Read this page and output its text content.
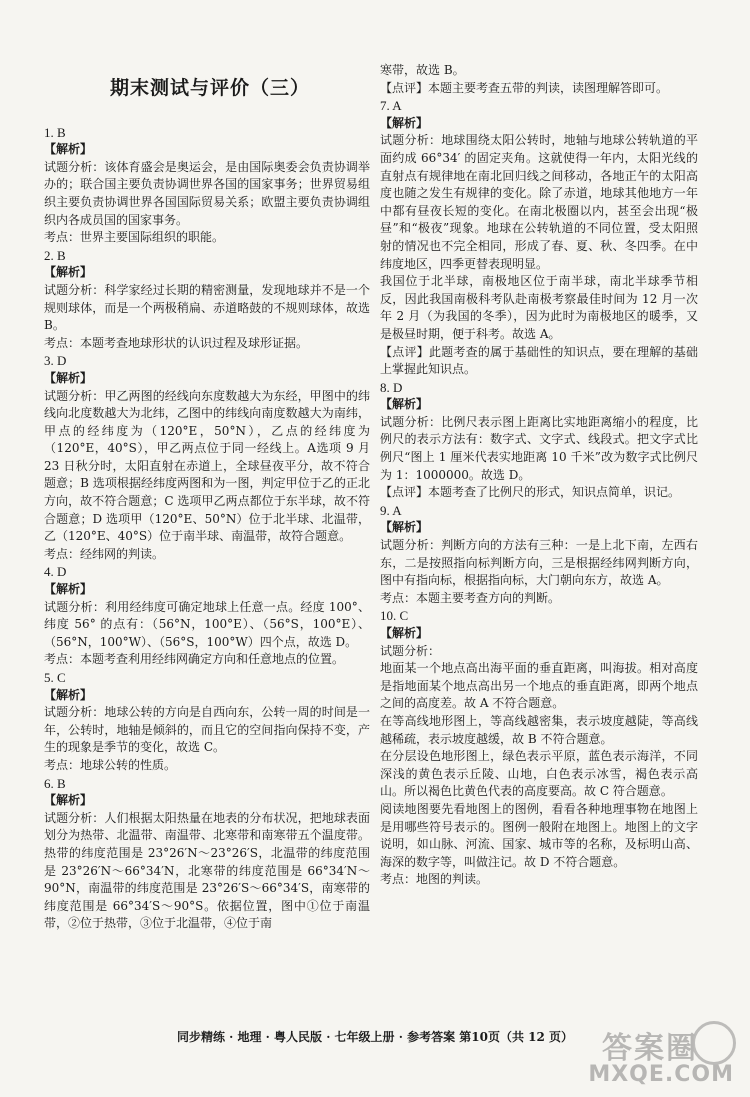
期末测试与评价（三）
1. B
【解析】
试题分析：该体育盛会是奥运会，是由国际奥委会负责协调举办的；联合国主要负责协调世界各国的国家事务；世界贸易组织主要负责协调世界各国国际贸易关系；欧盟主要负责协调组织内各成员国的国家事务。
考点：世界主要国际组织的职能。
2. B
【解析】
试题分析：科学家经过长期的精密测量，发现地球并不是一个规则球体，而是一个两极稍扁、赤道略鼓的不规则球体，故选 B。
考点：本题考查地球形状的认识过程及球形证据。
3. D
【解析】
试题分析：甲乙两图的经线向东度数越大为东经，甲图中的纬线向北度数越大为北纬，乙图中的纬线向南度数越大为南纬，甲点的经纬度为（120°E，50°N），乙点的经纬度为（120°E，40°S），甲乙两点位于同一经线上。A选项 9 月 23 日秋分时，太阳直射在赤道上，全球昼夜平分，故不符合题意；B 选项根据经纬度两图和为一图，判定甲位于乙的正北方向，故不符合题意；C 选项甲乙两点都位于东半球，故不符合题意；D 选项甲（120°E、50°N）位于北半球、北温带，乙（120°E、40°S）位于南半球、南温带，故符合题意。
考点：经纬网的判读。
4. D
【解析】
试题分析：利用经纬度可确定地球上任意一点。经度 100°、纬度 56° 的点有：（56°N，100°E）、（56°S，100°E）、（56°N，100°W）、（56°S，100°W）四个点，故选 D。
考点：本题考查利用经纬网确定方向和任意地点的位置。
5. C
【解析】
试题分析：地球公转的方向是自西向东，公转一周的时间是一年，公转时，地轴是倾斜的，而且它的空间指向保持不变，产生的现象是季节的变化，故选 C。
考点：地球公转的性质。
6. B
【解析】
试题分析：人们根据太阳热量在地表的分布状况，把地球表面划分为热带、北温带、南温带、北寒带和南寒带五个温度带。热带的纬度范围是 23°26′N～23°26′S，北温带的纬度范围是 23°26′N～66°34′N，北寒带的纬度范围是 66°34′N～90°N，南温带的纬度范围是 23°26′S～66°34′S，南寒带的纬度范围是 66°34′S～90°S。依据位置，图中①位于南温带，②位于热带，③位于北温带，④位于南
寒带，故选 B。
【点评】本题主要考查五带的判读，读图理解答即可。
7. A
【解析】
试题分析：地球围绕太阳公转时，地轴与地球公转轨道的平面约成 66°34′ 的固定夹角。这就使得一年内，太阳光线的直射点有规律地在南北回归线之间移动，各地正午的太阳高度也随之发生有规律的变化。除了赤道，地球其他地方一年中都有昼夜长短的变化。在南北极圈以内，甚至会出现“极昼”和“极夜”现象。地球在公转轨道的不同位置，受太阳照射的情况也不完全相同，形成了春、夏、秋、冬四季。在中纬度地区，四季更替表现明显。
我国位于北半球，南极地区位于南半球，南北半球季节相反，因此我国南极科考队赴南极考察最佳时间为 12 月一次年 2 月（为我国的冬季），因为此时为南极地区的暖季，又是极昼时期，便于科考。故选 A。
【点评】此题考查的属于基础性的知识点，要在理解的基础上掌握此知识点。
8. D
【解析】
试题分析：比例尺表示图上距离比实地距离缩小的程度，比例尺的表示方法有：数字式、文字式、线段式。把文字式比例尺“图上 1 厘米代表实地距离 10 千米”改为数字式比例尺为 1：1000000。故选 D。
【点评】本题考查了比例尺的形式，知识点简单，识记。
9. A
【解析】
试题分析：判断方向的方法有三种：一是上北下南，左西右东，二是按照指向标判断方向，三是根据经纬网判断方向，图中有指向标，根据指向标，大门朝向东方，故选 A。
考点：本题主要考查方向的判断。
10. C
【解析】
试题分析：
地面某一个地点高出海平面的垂直距离，叫海拔。相对高度是指地面某个地点高出另一个地点的垂直距离，即两个地点之间的高度差。故 A 不符合题意。
在等高线地形图上，等高线越密集，表示坡度越陡，等高线越稀疏，表示坡度越缓，故 B 不符合题意。
在分层设色地形图上，绿色表示平原，蓝色表示海洋，不同深浅的黄色表示丘陵、山地，白色表示冰雪，褐色表示高山。所以褐色比黄色代表的高度要高。故 C 符合题意。
阅读地图要先看地图上的图例，看看各种地理事物在地图上是用哪些符号表示的。图例一般附在地图上。地图上的文字说明，如山脉、河流、国家、城市等的名称，及标明山高、海深的数字等，叫做注记。故 D 不符合题意。
考点：地图的判读。
同步精练 · 地理 · 粤人民版 · 七年级上册 · 参考答案 第10页（共 12 页） 答案圈
MXQE.COM
